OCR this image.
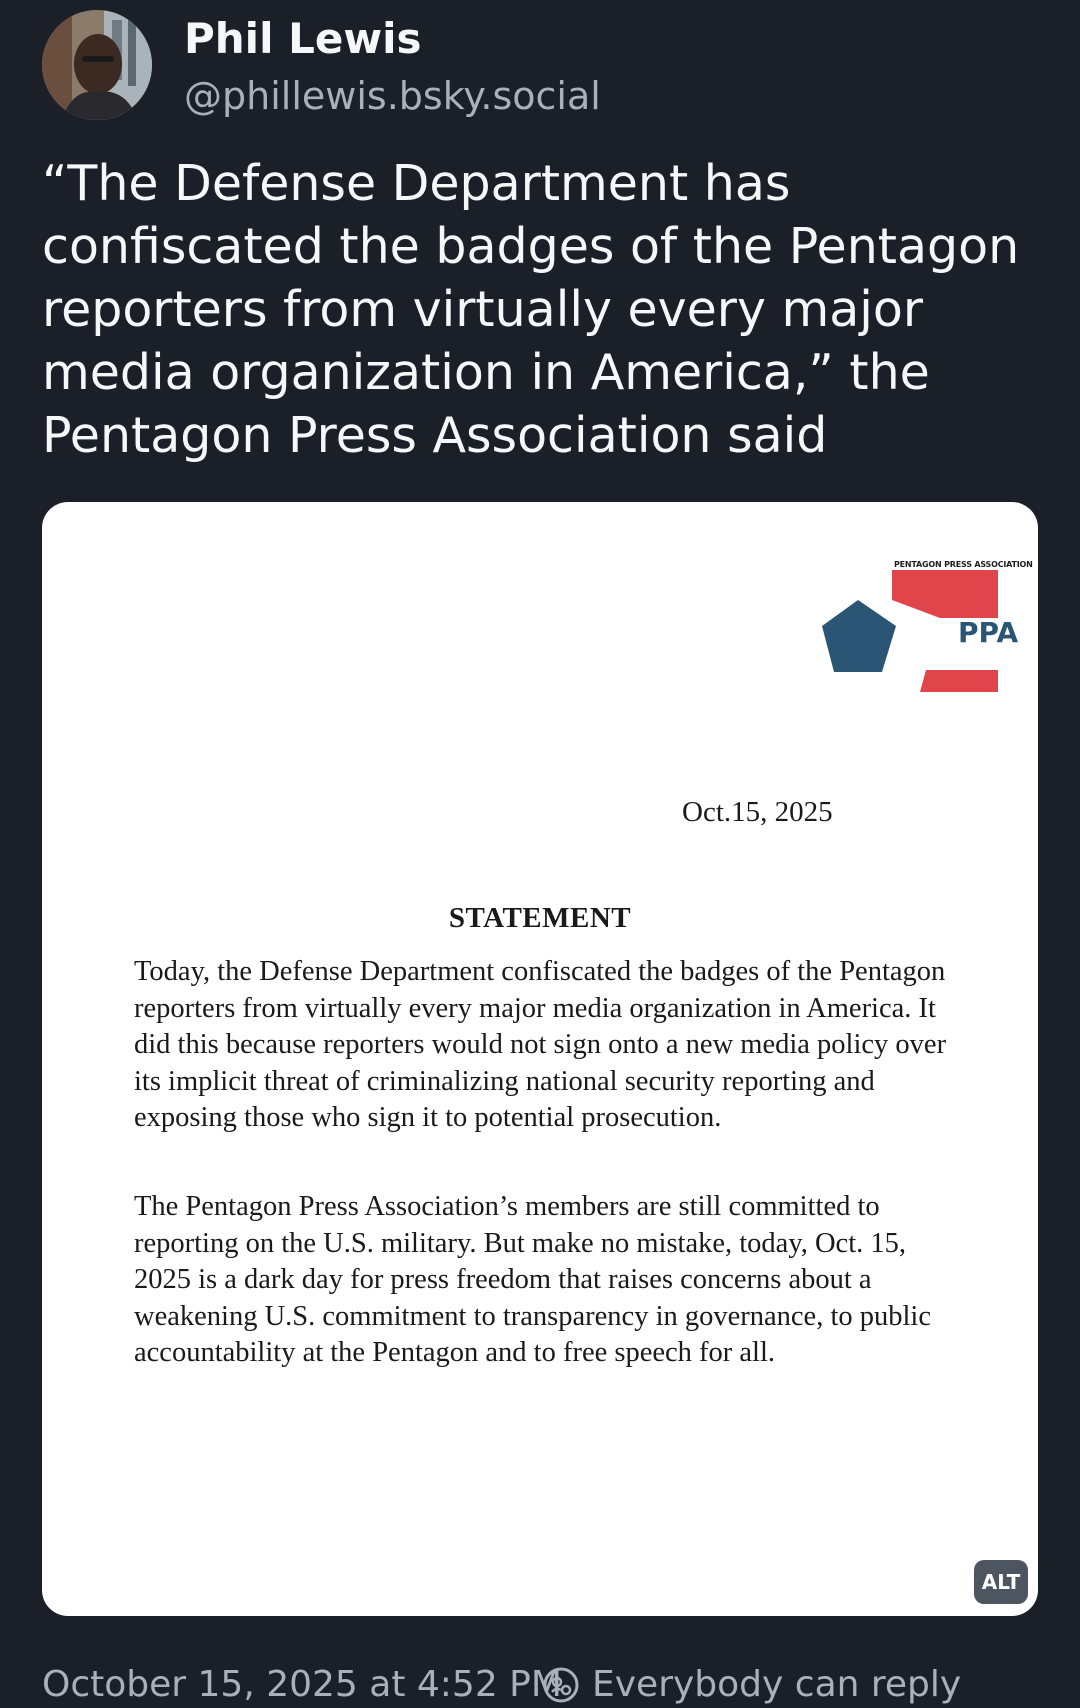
Phil Lewis
@phillewis.bsky.social

“The Defense Department has confiscated the badges of the Pentagon reporters from virtually every major media organization in America,” the Pentagon Press Association said

PENTAGON PRESS ASSOCIATION
PPA
Oct.15, 2025
STATEMENT

Today, the Defense Department confiscated the badges of the Pentagon reporters from virtually every major media organization in America. It did this because reporters would not sign onto a new media policy over its implicit threat of criminalizing national security reporting and exposing those who sign it to potential prosecution.

The Pentagon Press Association’s members are still committed to reporting on the U.S. military. But make no mistake, today, Oct. 15, 2025 is a dark day for press freedom that raises concerns about a weakening U.S. commitment to transparency in governance, to public accountability at the Pentagon and to free speech for all.

ALT
October 15, 2025 at 4:52 PM Everybody can reply
